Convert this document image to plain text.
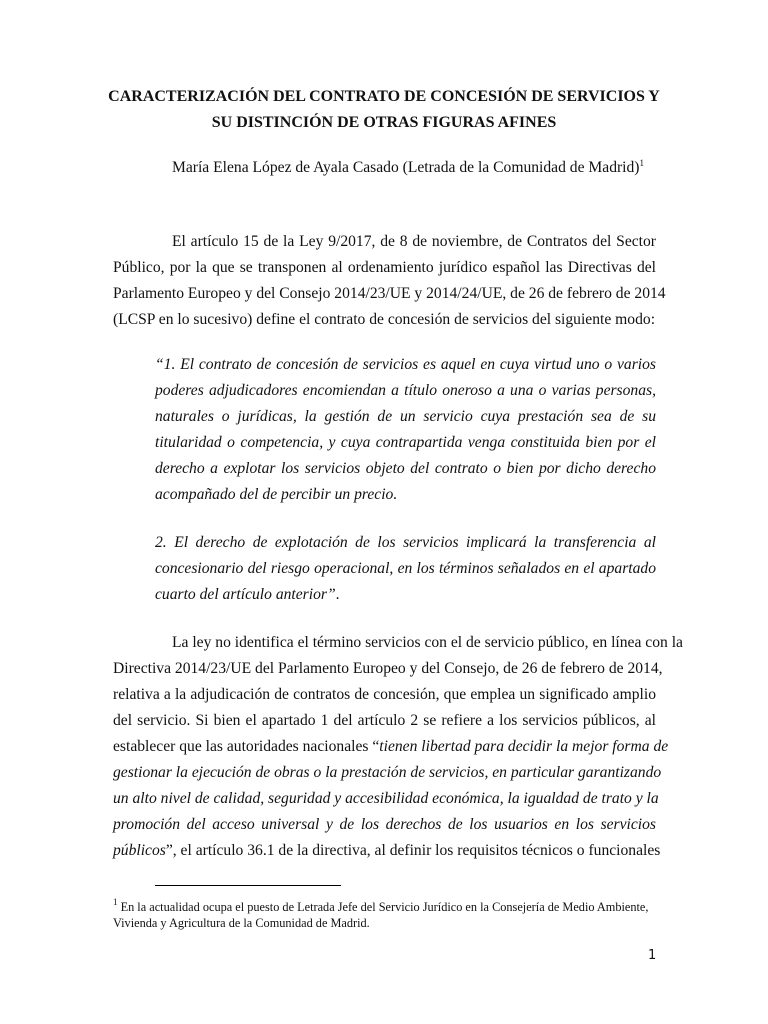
CARACTERIZACIÓN DEL CONTRATO DE CONCESIÓN DE SERVICIOS Y
SU DISTINCIÓN DE OTRAS FIGURAS AFINES
María Elena López de Ayala Casado (Letrada de la Comunidad de Madrid)$^1$
El artículo 15 de la Ley 9/2017, de 8 de noviembre, de Contratos del Sector
Público, por la que se transponen al ordenamiento jurídico español las Directivas del
Parlamento Europeo y del Consejo 2014/23/UE y 2014/24/UE, de 26 de febrero de 2014
(LCSP en lo sucesivo) define el contrato de concesión de servicios del siguiente modo:
“1. El contrato de concesión de servicios es aquel en cuya virtud uno o varios
poderes adjudicadores encomiendan a título oneroso a una o varias personas,
naturales o jurídicas, la gestión de un servicio cuya prestación sea de su
titularidad o competencia, y cuya contrapartida venga constituida bien por el
derecho a explotar los servicios objeto del contrato o bien por dicho derecho
acompañado del de percibir un precio.
2. El derecho de explotación de los servicios implicará la transferencia al
concesionario del riesgo operacional, en los términos señalados en el apartado
cuarto del artículo anterior”.
La ley no identifica el término servicios con el de servicio público, en línea con la
Directiva 2014/23/UE del Parlamento Europeo y del Consejo, de 26 de febrero de 2014,
relativa a la adjudicación de contratos de concesión, que emplea un significado amplio
del servicio. Si bien el apartado 1 del artículo 2 se refiere a los servicios públicos, al
establecer que las autoridades nacionales “tienen libertad para decidir la mejor forma de
gestionar la ejecución de obras o la prestación de servicios, en particular garantizando
un alto nivel de calidad, seguridad y accesibilidad económica, la igualdad de trato y la
promoción del acceso universal y de los derechos de los usuarios en los servicios
públicos”, el artículo 36.1 de la directiva, al definir los requisitos técnicos o funcionales
$^1$ En la actualidad ocupa el puesto de Letrada Jefe del Servicio Jurídico en la Consejería de Medio Ambiente, Vivienda y Agricultura de la Comunidad de Madrid.
1
